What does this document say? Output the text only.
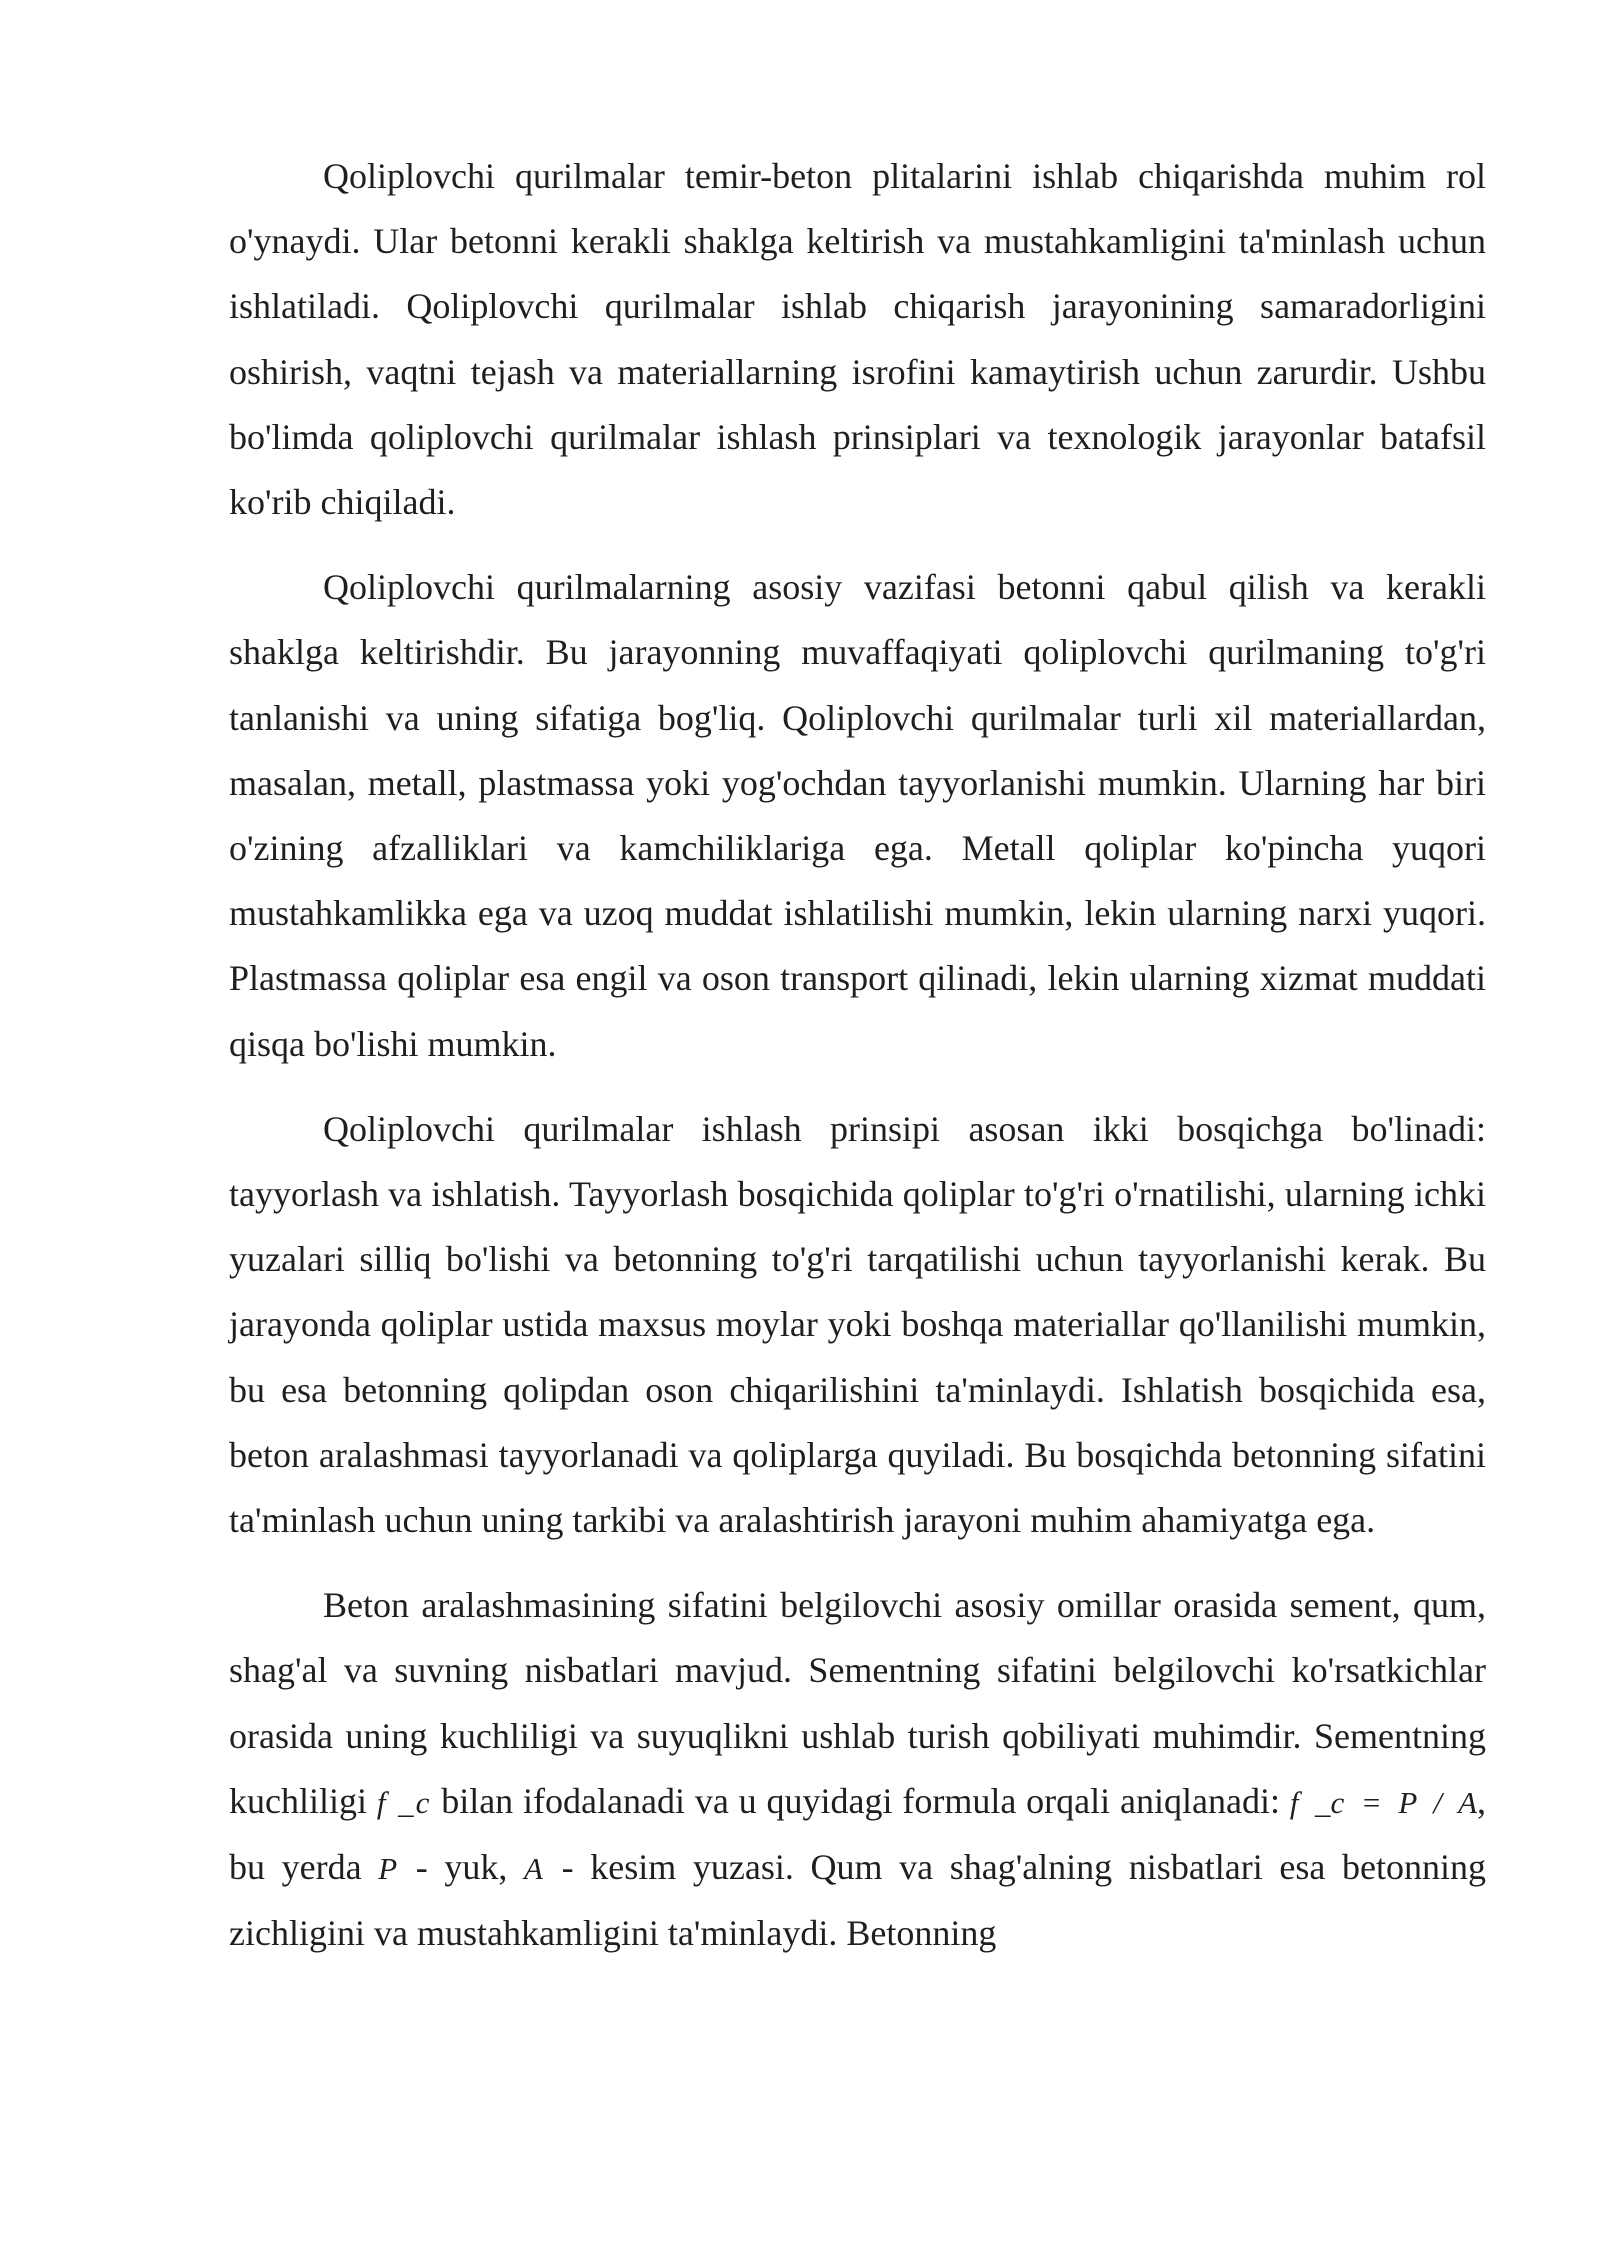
Qoliplovchi qurilmalar temir-beton plitalarini ishlab chiqarishda muhim rol o'ynaydi. Ular betonni kerakli shaklga keltirish va mustahkamligini ta'minlash uchun ishlatiladi. Qoliplovchi qurilmalar ishlab chiqarish jarayonining samaradorligini oshirish, vaqtni tejash va materiallarning isrofini kamaytirish uchun zarurdir. Ushbu bo'limda qoliplovchi qurilmalar ishlash prinsiplari va texnologik jarayonlar batafsil ko'rib chiqiladi.

Qoliplovchi qurilmalarning asosiy vazifasi betonni qabul qilish va kerakli shaklga keltirishdir. Bu jarayonning muvaffaqiyati qoliplovchi qurilmaning to'g'ri tanlanishi va uning sifatiga bog'liq. Qoliplovchi qurilmalar turli xil materiallardan, masalan, metall, plastmassa yoki yog'ochdan tayyorlanishi mumkin. Ularning har biri o'zining afzalliklari va kamchiliklariga ega. Metall qoliplar ko'pincha yuqori mustahkamlikka ega va uzoq muddat ishlatilishi mumkin, lekin ularning narxi yuqori. Plastmassa qoliplar esa engil va oson transport qilinadi, lekin ularning xizmat muddati qisqa bo'lishi mumkin.

Qoliplovchi qurilmalar ishlash prinsipi asosan ikki bosqichga bo'linadi: tayyorlash va ishlatish. Tayyorlash bosqichida qoliplar to'g'ri o'rnatilishi, ularning ichki yuzalari silliq bo'lishi va betonning to'g'ri tarqatilishi uchun tayyorlanishi kerak. Bu jarayonda qoliplar ustida maxsus moylar yoki boshqa materiallar qo'llanilishi mumkin, bu esa betonning qolipdan oson chiqarilishini ta'minlaydi. Ishlatish bosqichida esa, beton aralashmasi tayyorlanadi va qoliplarga quyiladi. Bu bosqichda betonning sifatini ta'minlash uchun uning tarkibi va aralashtirish jarayoni muhim ahamiyatga ega.

Beton aralashmasining sifatini belgilovchi asosiy omillar orasida sement, qum, shag'al va suvning nisbatlari mavjud. Sementning sifatini belgilovchi ko'rsatkichlar orasida uning kuchliligi va suyuqlikni ushlab turish qobiliyati muhimdir. Sementning kuchliligi f _c bilan ifodalanadi va u quyidagi formula orqali aniqlanadi: f _c = P / A, bu yerda P - yuk, A - kesim yuzasi. Qum va shag'alning nisbatlari esa betonning zichligini va mustahkamligini ta'minlaydi. Betonning
